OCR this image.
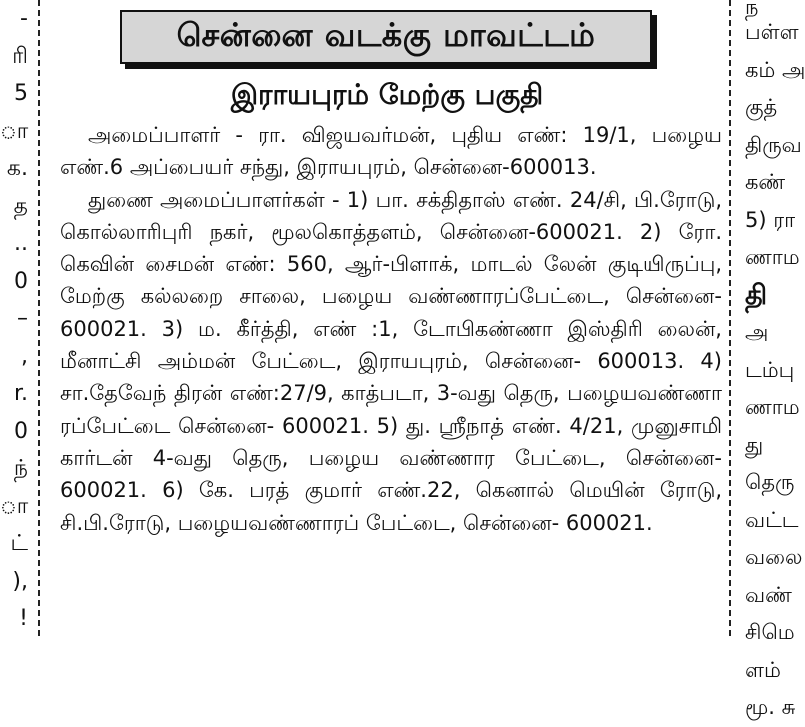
-
ரி
5
ா
க.
த
..
0
–
,
r.
0
ந்
ா
ட்
),
!
சென்னை வடக்கு மாவட்டம்
இராயபுரம் மேற்கு பகுதி

அமைப்பாளர் - ரா. விஜயவர்மன், புதிய எண்: 19/1, பழைய எண்.6 அப்பையர் சந்து, இராயபுரம், சென்னை-600013.

துணை அமைப்பாளர்கள் - 1) பா. சக்திதாஸ் எண். 24/சி, பி.ரோடு, கொல்லாரிபுரி நகர், மூலகொத்தளம், சென்னை-600021. 2) ரோ. கெவின் சைமன் எண்: 560, ஆர்-பிளாக், மாடல் லேன் குடியிருப்பு, மேற்கு கல்லறை சாலை, பழைய வண்ணாரப்பேட்டை, சென்னை- 600021. 3) ம. கீர்த்தி, எண் :1, டோபிகண்ணா இஸ்திரி லைன், மீனாட்சி அம்மன் பேட்டை, இராயபுரம், சென்னை- 600013. 4) சா.தேவேந் திரன் எண்:27/9, காத்படா, 3-வது தெரு, பழையவண்ணா ரப்பேட்டை சென்னை- 600021. 5) து. ஸ்ரீநாத் எண். 4/21, முனுசாமி கார்டன் 4-வது தெரு, பழைய வண்ணார பேட்டை, சென்னை- 600021. 6) கே. பரத் குமார் எண்.22, கெனால் மெயின் ரோடு, சி.பி.ரோடு, பழையவண்ணாரப் பேட்டை, சென்னை- 600021.

ந
பள்ள
கம் அ
குத்
திருவ
கண்
5) ரா
ணாம
தி
அ
டம்பு
ணாம
து
தெரு
வட்ட
வலை
வண்
சிமெ
ளம்
மூ. சு
